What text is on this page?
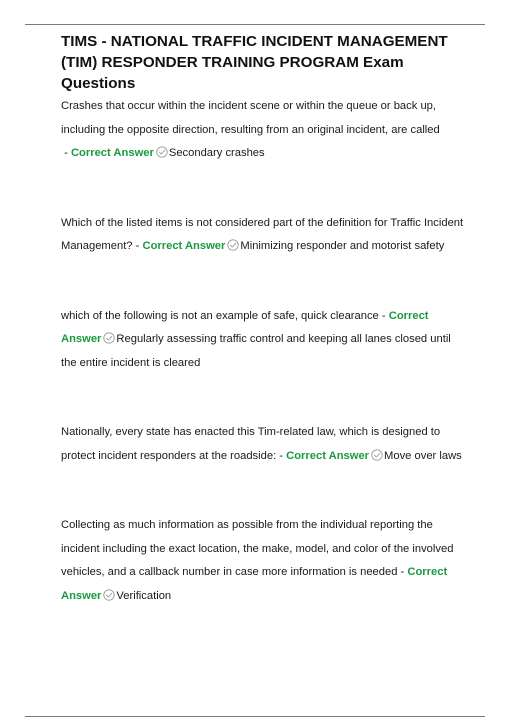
TIMS - NATIONAL TRAFFIC INCIDENT MANAGEMENT (TIM) RESPONDER TRAINING PROGRAM Exam Questions

Crashes that occur within the incident scene or within the queue or back up, including the opposite direction, resulting from an original incident, are called - Correct Answer Secondary crashes

Which of the listed items is not considered part of the definition for Traffic Incident Management? - Correct Answer Minimizing responder and motorist safety

which of the following is not an example of safe, quick clearance - Correct Answer Regularly assessing traffic control and keeping all lanes closed until the entire incident is cleared

Nationally, every state has enacted this Tim-related law, which is designed to protect incident responders at the roadside: - Correct Answer Move over laws

Collecting as much information as possible from the individual reporting the incident including the exact location, the make, model, and color of the involved vehicles, and a callback number in case more information is needed - Correct Answer Verification
